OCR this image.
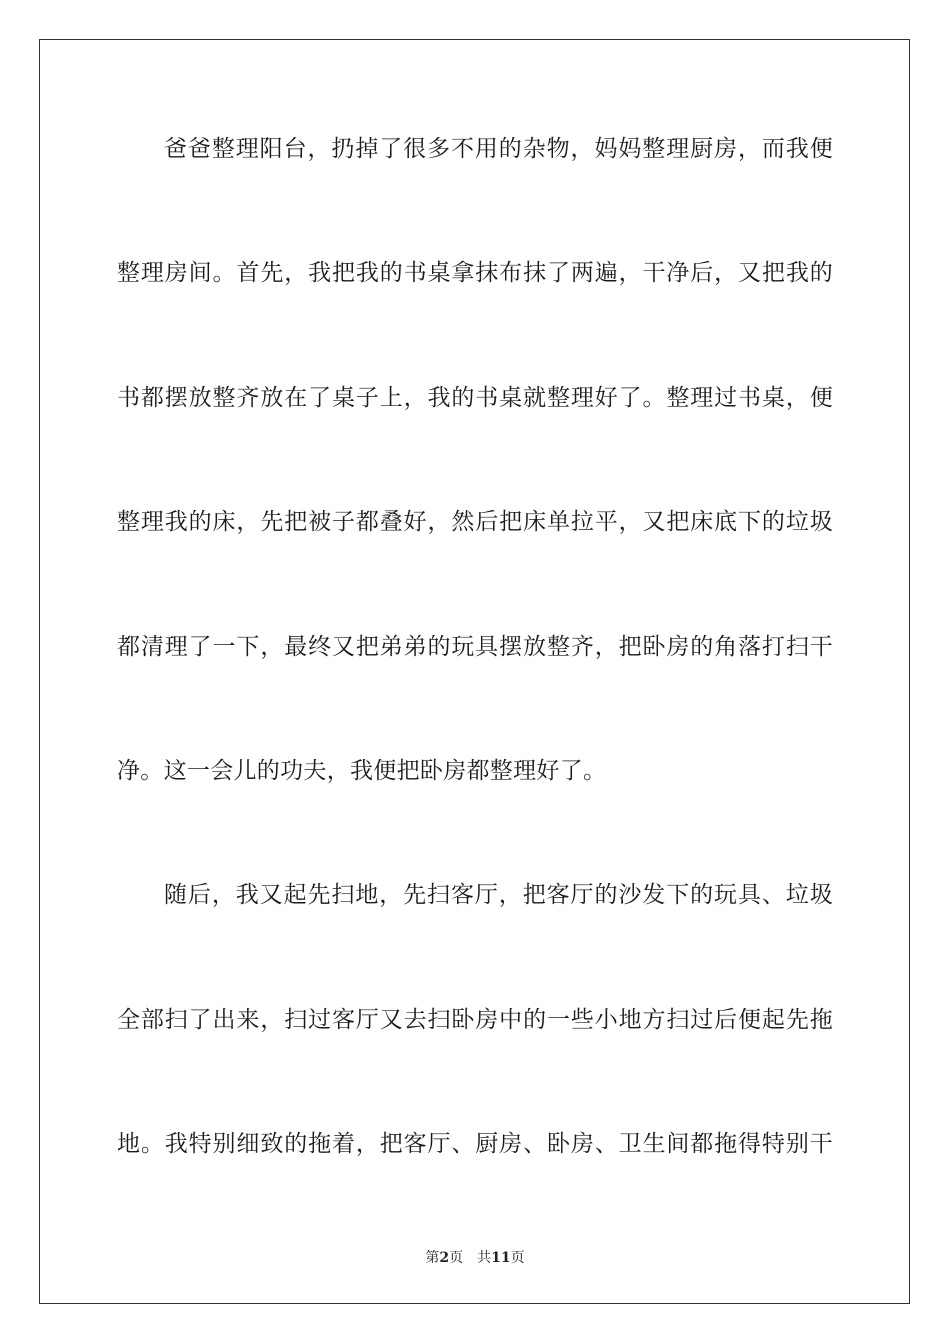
爸爸整理阳台，扔掉了很多不用的杂物，妈妈整理厨房，而我便
整理房间。首先，我把我的书桌拿抹布抹了两遍，干净后，又把我的
书都摆放整齐放在了桌子上，我的书桌就整理好了。整理过书桌，便
整理我的床，先把被子都叠好，然后把床单拉平，又把床底下的垃圾
都清理了一下，最终又把弟弟的玩具摆放整齐，把卧房的角落打扫干
净。这一会儿的功夫，我便把卧房都整理好了。
随后，我又起先扫地，先扫客厅，把客厅的沙发下的玩具、垃圾
全部扫了出来，扫过客厅又去扫卧房中的一些小地方扫过后便起先拖
地。我特别细致的拖着，把客厅、厨房、卧房、卫生间都拖得特别干
第2页 共11页
